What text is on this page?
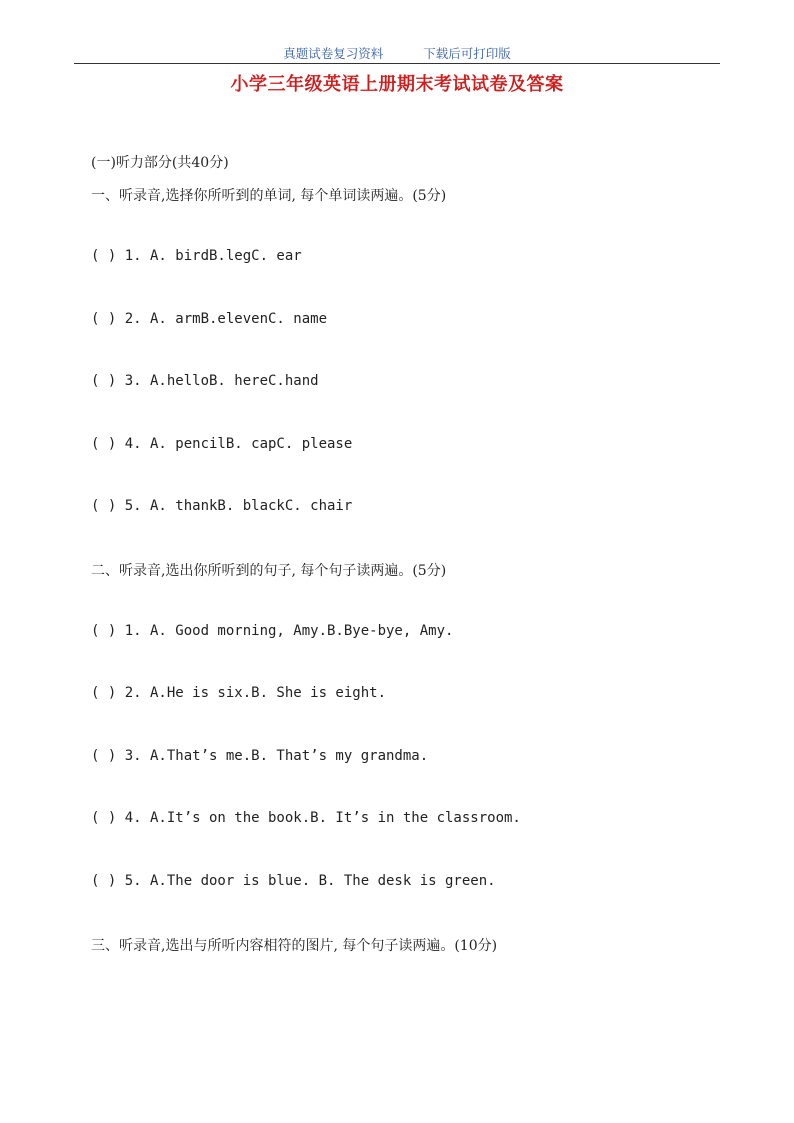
真题试卷复习资料	下载后可打印版
小学三年级英语上册期末考试试卷及答案
(一)听力部分(共40分)
一、听录音,选择你所听到的单词, 每个单词读两遍。(5分)
( ) 1. A. birdB.legC. ear
( ) 2. A. armB.elevenC. name
( ) 3. A.helloB. hereC.hand
( ) 4. A. pencilB. capC. please
( ) 5. A. thankB. blackC. chair
二、听录音,选出你所听到的句子, 每个句子读两遍。(5分)
( ) 1. A. Good morning, Amy.B.Bye-bye, Amy.
( ) 2. A.He is six.B. She is eight.
( ) 3. A.That’s me.B. That’s my grandma.
( ) 4. A.It’s on the book.B. It’s in the classroom.
( ) 5. A.The door is blue. B. The desk is green.
三、听录音,选出与所听内容相符的图片, 每个句子读两遍。(10分)
